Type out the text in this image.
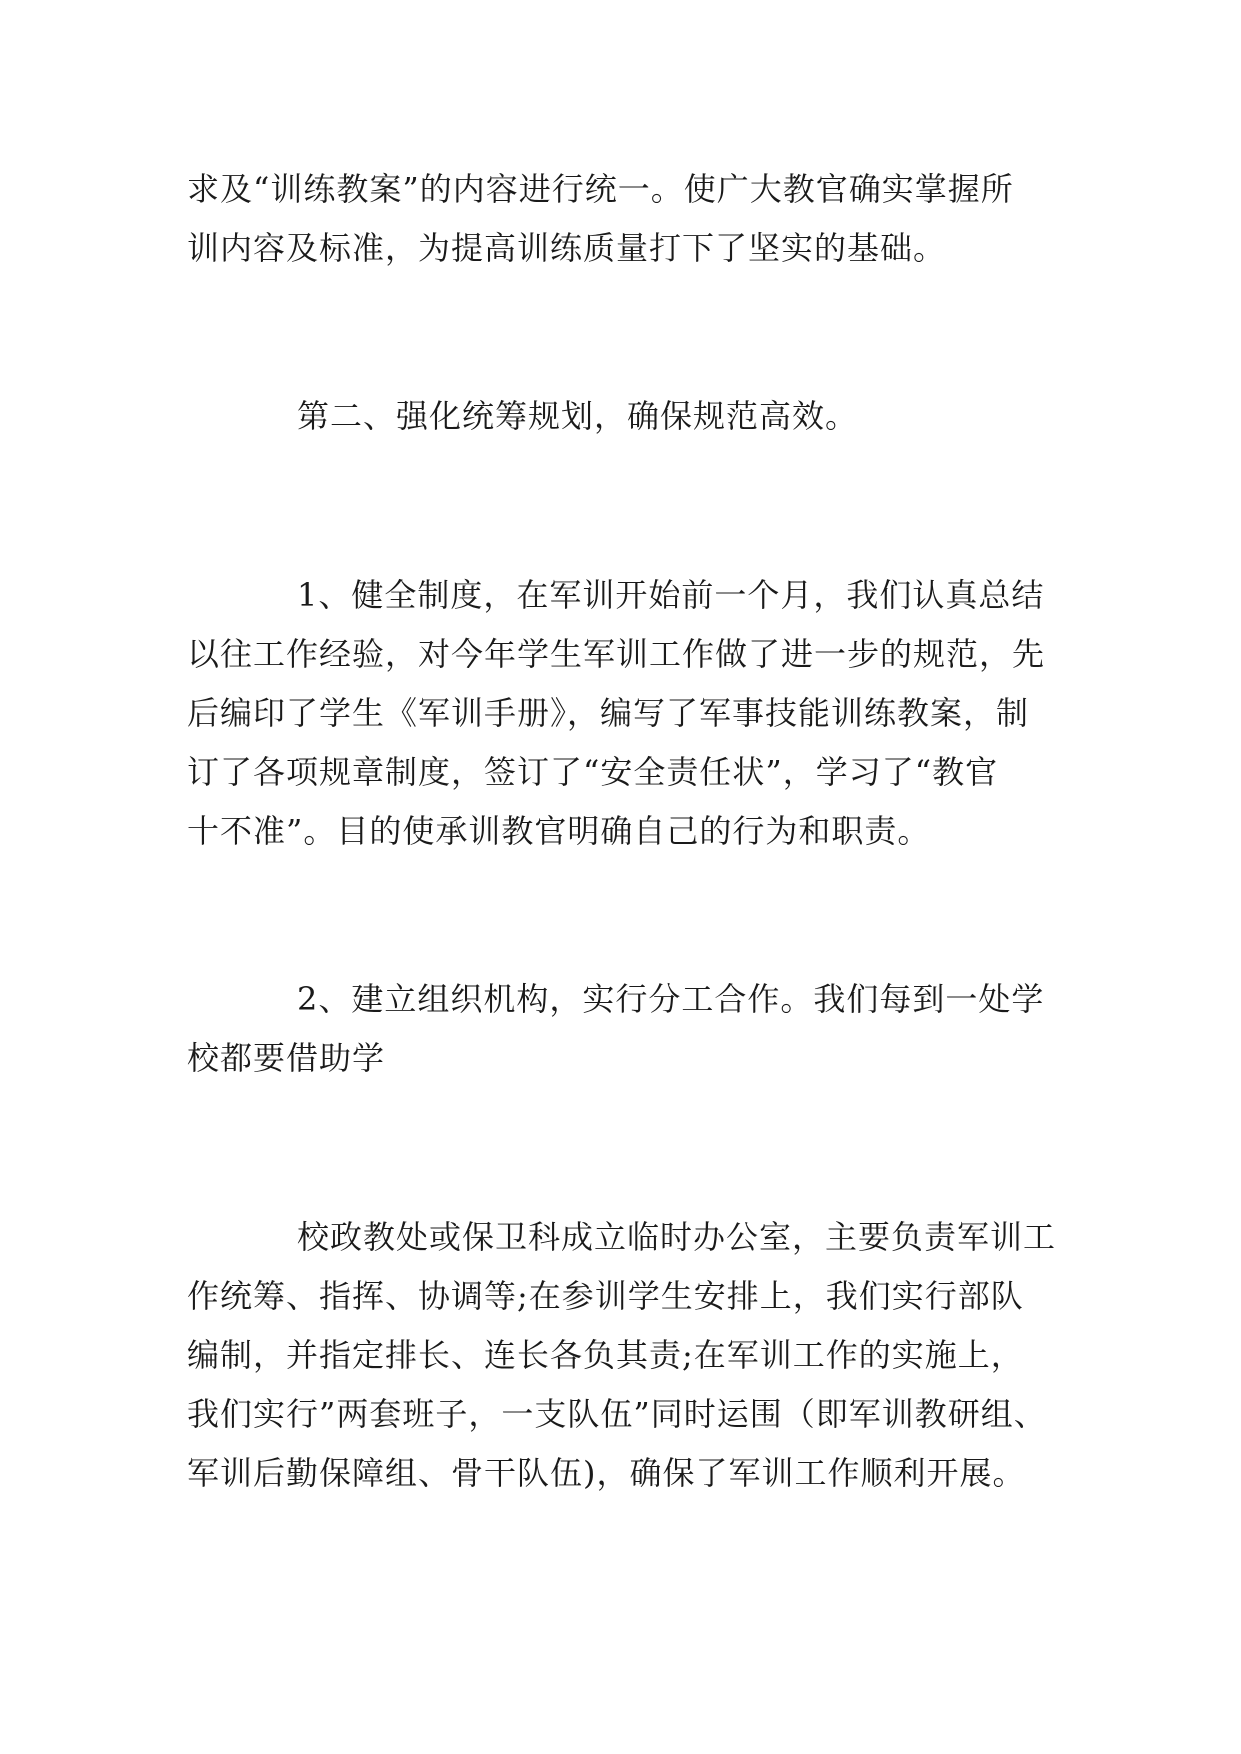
求及“训练教案”的内容进行统一。使广大教官确实掌握所
训内容及标准，为提高训练质量打下了坚实的基础。

第二、强化统筹规划，确保规范高效。

1、健全制度，在军训开始前一个月，我们认真总结
以往工作经验，对今年学生军训工作做了进一步的规范，先
后编印了学生《军训手册》，编写了军事技能训练教案，制
订了各项规章制度，签订了“安全责任状”，学习了“教官
十不准”。目的使承训教官明确自己的行为和职责。

2、建立组织机构，实行分工合作。我们每到一处学
校都要借助学

校政教处或保卫科成立临时办公室，主要负责军训工
作统筹、指挥、协调等;在参训学生安排上，我们实行部队
编制，并指定排长、连长各负其责;在军训工作的实施上，
我们实行”两套班子，一支队伍”同时运围（即军训教研组、
军训后勤保障组、骨干队伍)，确保了军训工作顺利开展。
